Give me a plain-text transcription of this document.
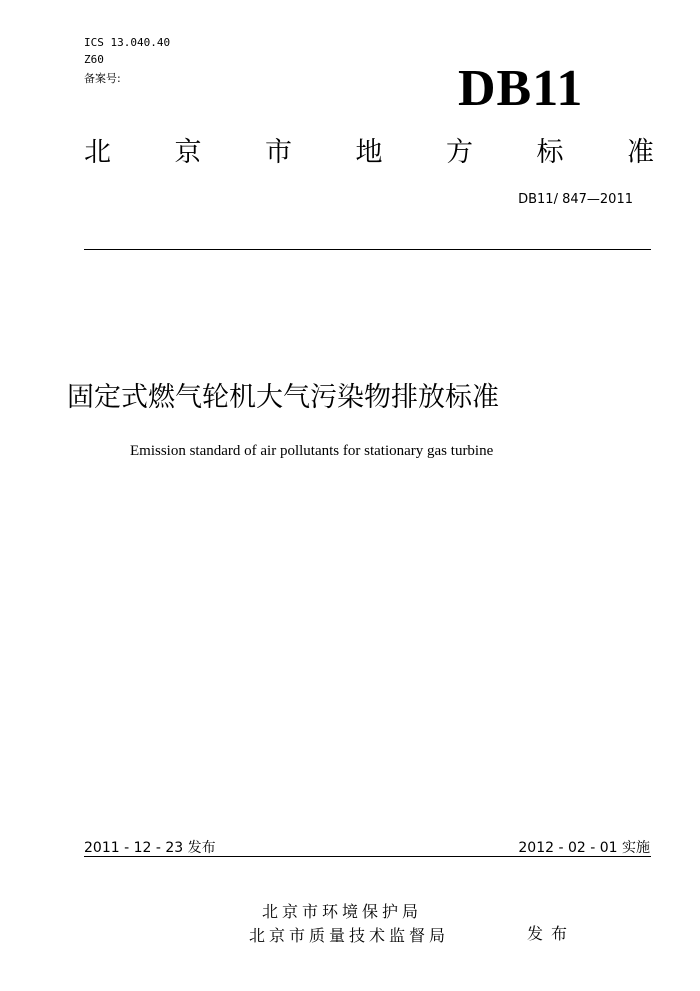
ICS 13.040.40
Z60
备案号:	DB11
北 京 市 地 方 标 准
DB11/ 847—2011
固定式燃气轮机大气污染物排放标准
Emission standard of air pollutants for stationary gas turbine
2011 - 12 - 23 发布	2012 - 02 - 01 实施
北京市环境保护局
北京市质量技术监督局	发布
